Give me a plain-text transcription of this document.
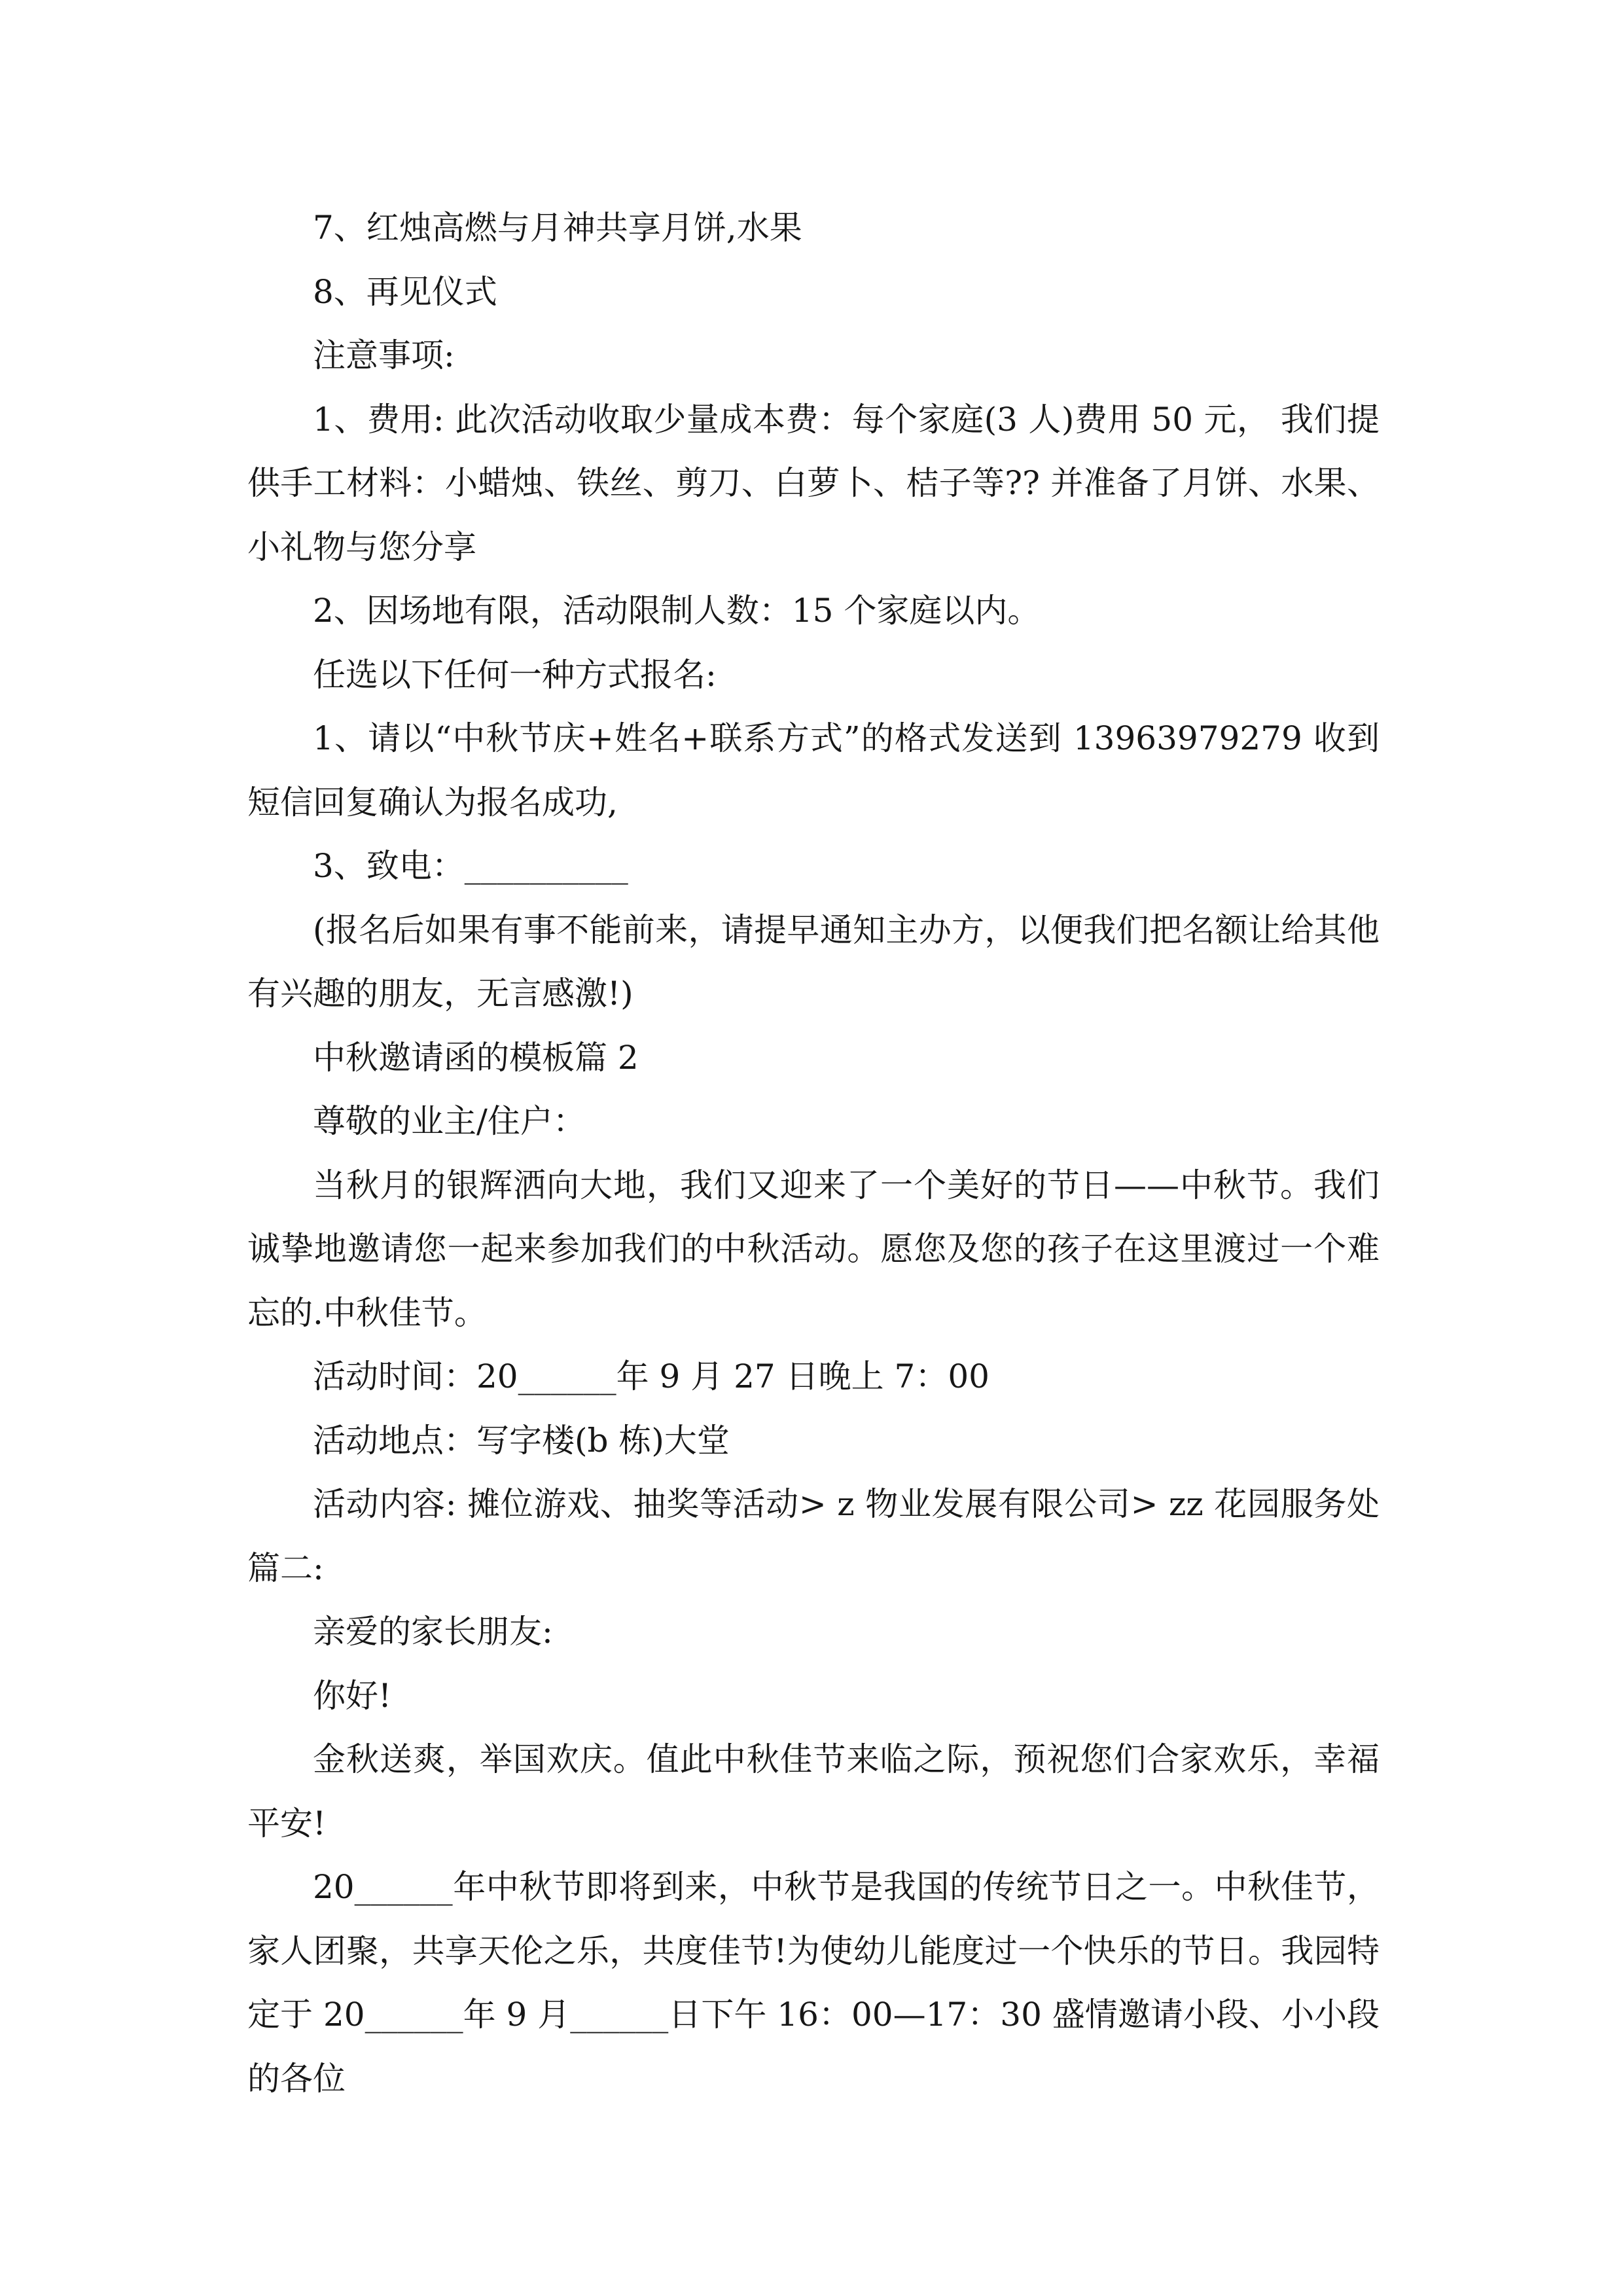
7、红烛高燃与月神共享月饼,水果

8、再见仪式

注意事项:

1、费用: 此次活动收取少量成本费：每个家庭(3 人)费用 50 元， 我们提供手工材料：小蜡烛、铁丝、剪刀、白萝卜、桔子等?? 并准备了月饼、水果、小礼物与您分享

2、因场地有限，活动限制人数：15 个家庭以内。

任选以下任何一种方式报名:

1、请以“中秋节庆+姓名+联系方式”的格式发送到 13963979279 收到短信回复确认为报名成功,

3、致电：__________

(报名后如果有事不能前来，请提早通知主办方，以便我们把名额让给其他有兴趣的朋友，无言感激!)

中秋邀请函的模板篇 2

尊敬的业主/住户：

当秋月的银辉洒向大地，我们又迎来了一个美好的节日——中秋节。我们诚挚地邀请您一起来参加我们的中秋活动。愿您及您的孩子在这里渡过一个难忘的.中秋佳节。

活动时间：20______年 9 月 27 日晚上 7：00

活动地点：写字楼(b 栋)大堂

活动内容: 摊位游戏、抽奖等活动> z 物业发展有限公司> zz 花园服务处篇二:

亲爱的家长朋友:

你好!

金秋送爽，举国欢庆。值此中秋佳节来临之际，预祝您们合家欢乐，幸福平安!

20______年中秋节即将到来，中秋节是我国的传统节日之一。中秋佳节，家人团聚，共享天伦之乐，共度佳节!为使幼儿能度过一个快乐的节日。我园特定于 20______年 9 月______日下午 16：00—17：30 盛情邀请小段、小小段的各位
